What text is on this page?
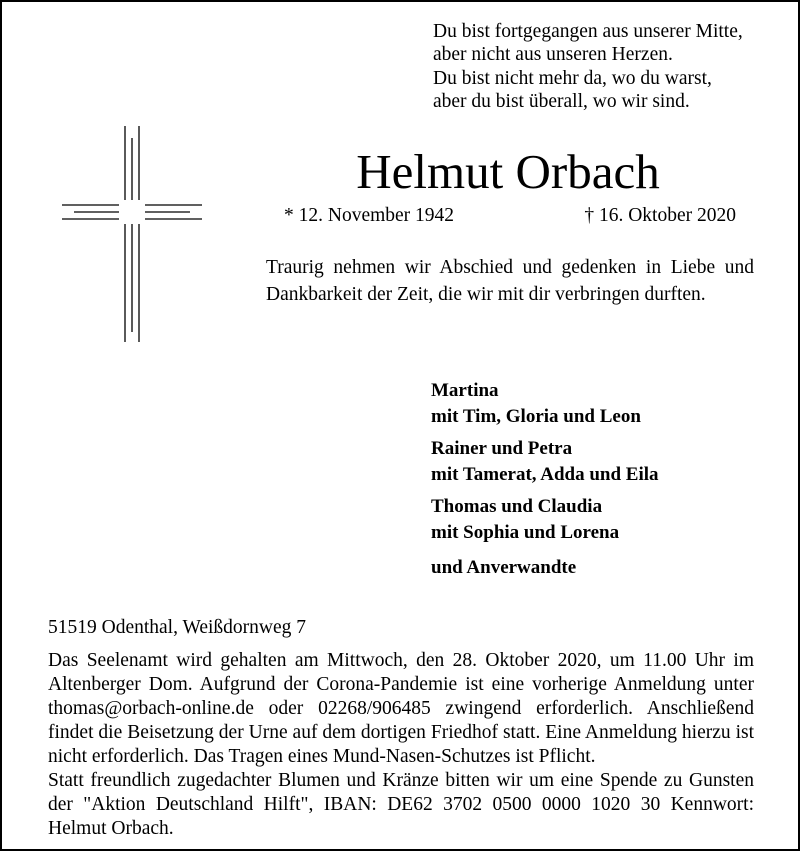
Du bist fortgegangen aus unserer Mitte,
aber nicht aus unseren Herzen.
Du bist nicht mehr da, wo du warst,
aber du bist überall, wo wir sind.
Helmut Orbach
* 12. November 1942	† 16. Oktober 2020
Traurig nehmen wir Abschied und gedenken in Liebe und Dankbarkeit der Zeit, die wir mit dir verbringen durften.
Martina
mit Tim, Gloria und Leon
Rainer und Petra
mit Tamerat, Adda und Eila
Thomas und Claudia
mit Sophia und Lorena
und Anverwandte
51519 Odenthal, Weißdornweg 7
Das Seelenamt wird gehalten am Mittwoch, den 28. Oktober 2020, um 11.00 Uhr im Altenberger Dom. Aufgrund der Corona-Pandemie ist eine vorherige Anmeldung unter thomas@orbach-online.de oder 02268/906485 zwingend erforderlich. Anschließend findet die Beisetzung der Urne auf dem dortigen Friedhof statt. Eine Anmeldung hierzu ist nicht erforderlich. Das Tragen eines Mund-Nasen-Schutzes ist Pflicht.
Statt freundlich zugedachter Blumen und Kränze bitten wir um eine Spende zu Gunsten der "Aktion Deutschland Hilft", IBAN: DE62 3702 0500 0000 1020 30 Kennwort: Helmut Orbach.
